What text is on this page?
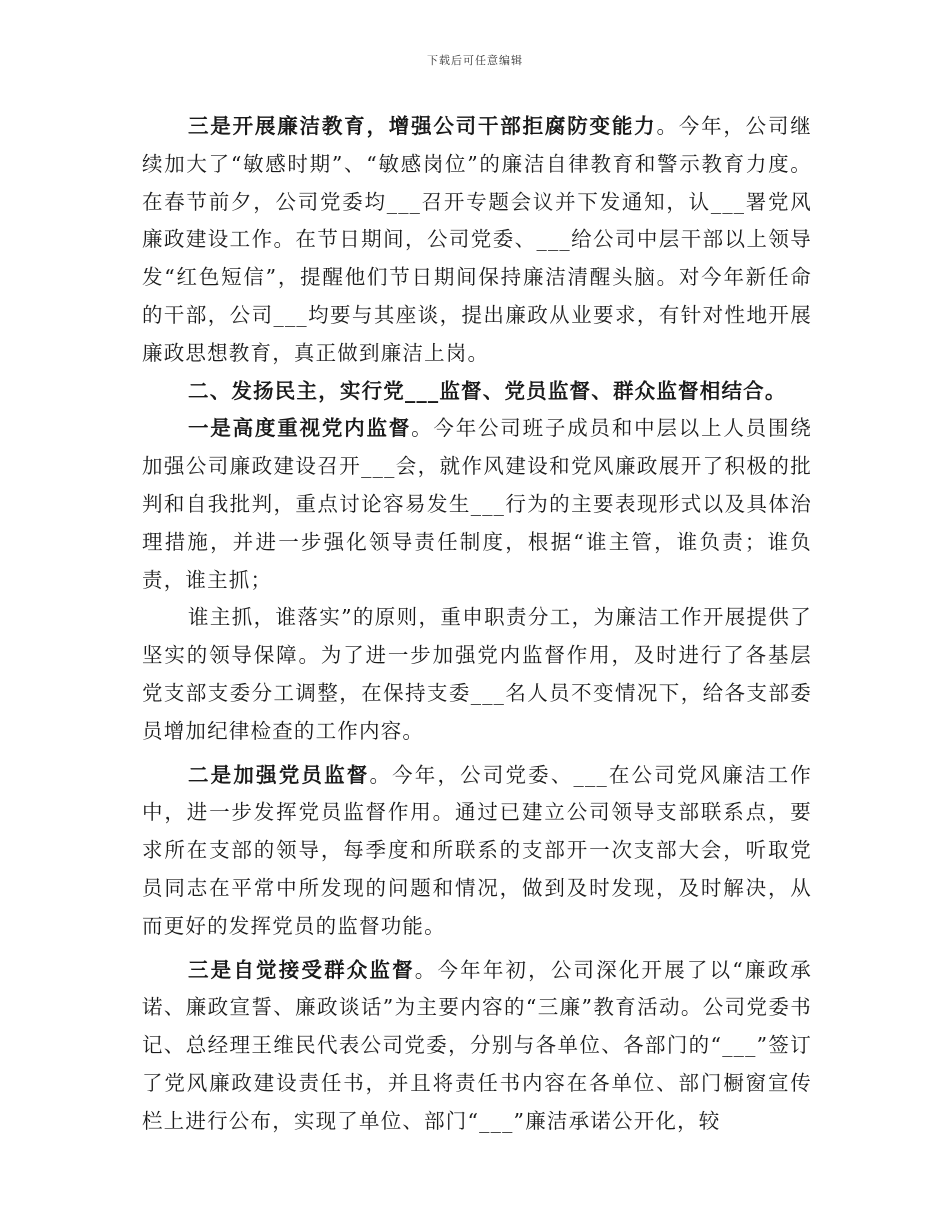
下载后可任意编辑

三是开展廉洁教育，增强公司干部拒腐防变能力。今年，公司继续加大了“敏感时期”、“敏感岗位”的廉洁自律教育和警示教育力度。在春节前夕，公司党委均___召开专题会议并下发通知，认___署党风廉政建设工作。在节日期间，公司党委、___给公司中层干部以上领导发“红色短信”，提醒他们节日期间保持廉洁清醒头脑。对今年新任命的干部，公司___均要与其座谈，提出廉政从业要求，有针对性地开展廉政思想教育，真正做到廉洁上岗。

二、发扬民主，实行党___监督、党员监督、群众监督相结合。

一是高度重视党内监督。今年公司班子成员和中层以上人员围绕加强公司廉政建设召开___会，就作风建设和党风廉政展开了积极的批判和自我批判，重点讨论容易发生___行为的主要表现形式以及具体治理措施，并进一步强化领导责任制度，根据“谁主管，谁负责；谁负责，谁主抓；

谁主抓，谁落实”的原则，重申职责分工，为廉洁工作开展提供了坚实的领导保障。为了进一步加强党内监督作用，及时进行了各基层党支部支委分工调整，在保持支委___名人员不变情况下，给各支部委员增加纪律检查的工作内容。

二是加强党员监督。今年，公司党委、___在公司党风廉洁工作中，进一步发挥党员监督作用。通过已建立公司领导支部联系点，要求所在支部的领导，每季度和所联系的支部开一次支部大会，听取党员同志在平常中所发现的问题和情况，做到及时发现，及时解决，从而更好的发挥党员的监督功能。

三是自觉接受群众监督。今年年初，公司深化开展了以“廉政承诺、廉政宣誓、廉政谈话”为主要内容的“三廉”教育活动。公司党委书记、总经理王维民代表公司党委，分别与各单位、各部门的“___”签订了党风廉政建设责任书，并且将责任书内容在各单位、部门橱窗宣传栏上进行公布，实现了单位、部门“___”廉洁承诺公开化，较
